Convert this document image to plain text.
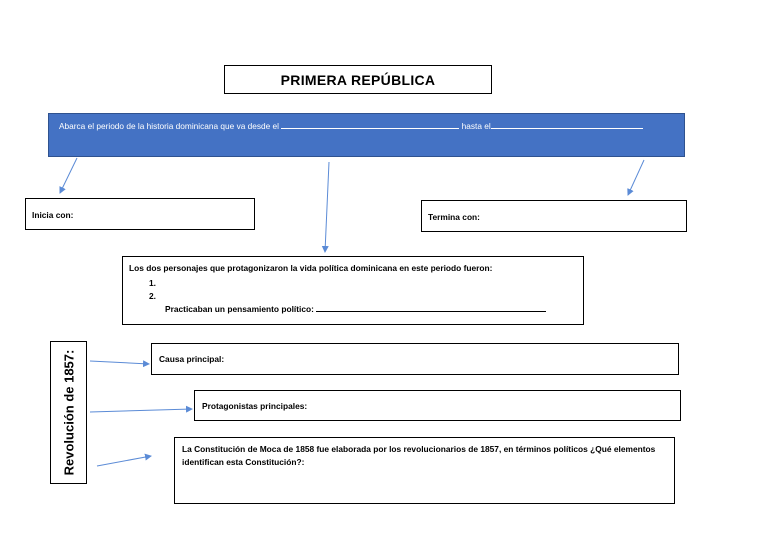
PRIMERA REPÚBLICA
Abarca el periodo de la historia dominicana que va desde el	hasta el
Inicia con:	Termina con:
Los dos personajes que protagonizaron la vida política dominicana en este periodo fueron:
1.
2.
Practicaban un pensamiento político:
Revolución de 1857:	Causa principal:
Protagonistas principales:
La Constitución de Moca de 1858 fue elaborada por los revolucionarios de 1857, en términos políticos ¿Qué elementos identifican esta Constitución?:
